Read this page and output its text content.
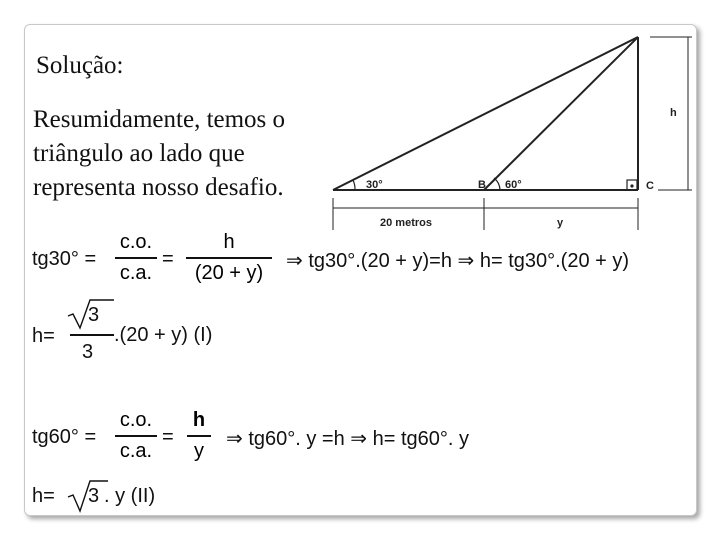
Solução:
Resumidamente, temos o
triângulo ao lado que
representa nosso desafio.	30°	B 60°	C
h
20 metros	y
tg30° =
c.o.
c.a.
=
h
(20 + y)
⇒ tg30°.(20 + y)=h ⇒ h= tg30°.(20 + y)
h=
3
3
.(20 + y) (I)
tg60° =
c.o.
c.a.
=
h
y
⇒ tg60°. y =h ⇒ h= tg60°. y
h= 3 . y (II)
